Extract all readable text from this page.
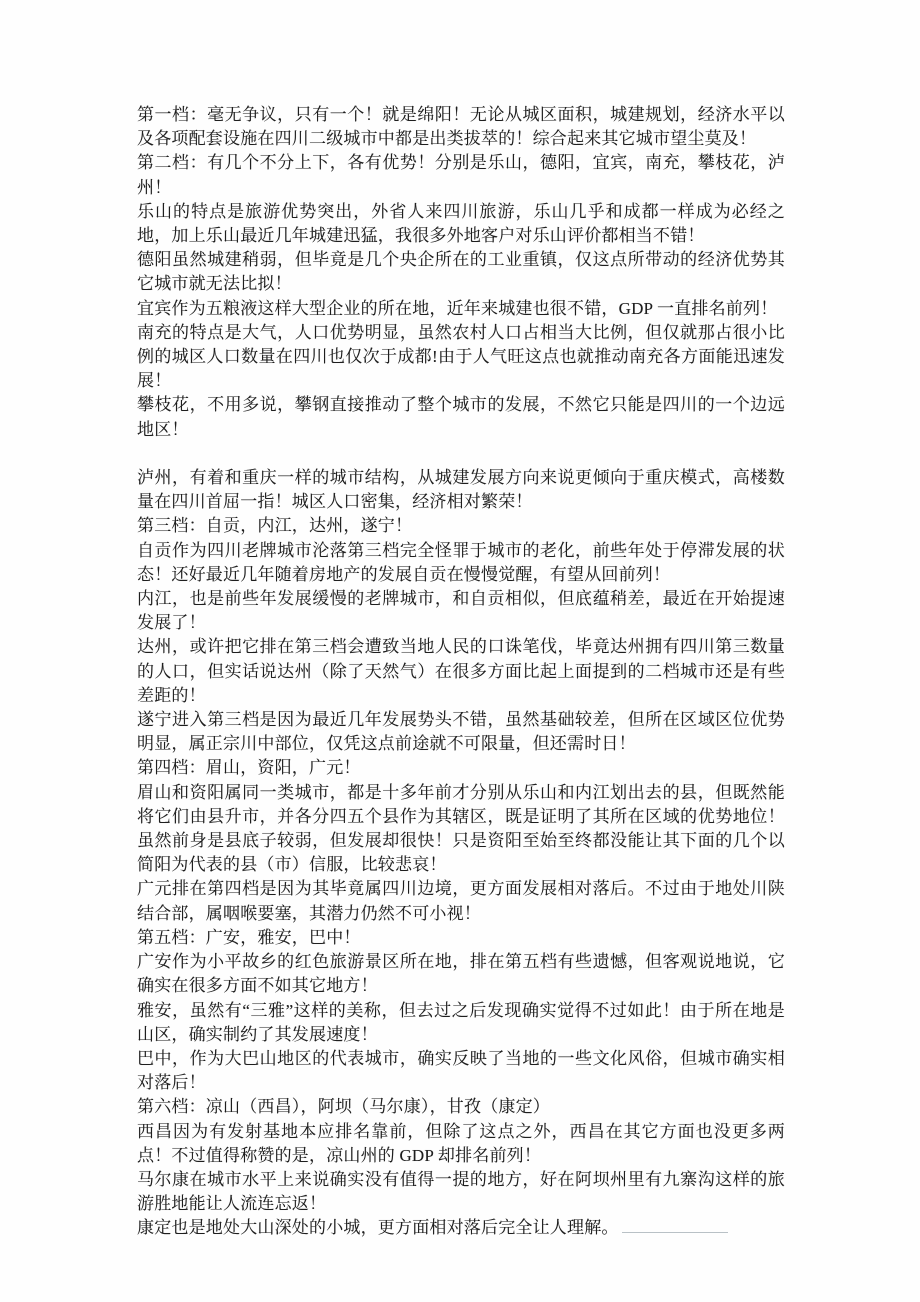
第一档：毫无争议，只有一个！就是绵阳！无论从城区面积，城建规划，经济水平以及各项配套设施在四川二级城市中都是出类拔萃的！综合起来其它城市望尘莫及！

第二档：有几个不分上下，各有优势！分别是乐山，德阳，宜宾，南充，攀枝花，泸州！

乐山的特点是旅游优势突出，外省人来四川旅游，乐山几乎和成都一样成为必经之地，加上乐山最近几年城建迅猛，我很多外地客户对乐山评价都相当不错！

德阳虽然城建稍弱，但毕竟是几个央企所在的工业重镇，仅这点所带动的经济优势其它城市就无法比拟！

宜宾作为五粮液这样大型企业的所在地，近年来城建也很不错，GDP 一直排名前列！

南充的特点是大气，人口优势明显，虽然农村人口占相当大比例，但仅就那占很小比例的城区人口数量在四川也仅次于成都!由于人气旺这点也就推动南充各方面能迅速发展！

攀枝花，不用多说，攀钢直接推动了整个城市的发展，不然它只能是四川的一个边远地区！

泸州，有着和重庆一样的城市结构，从城建发展方向来说更倾向于重庆模式，高楼数量在四川首屈一指！城区人口密集，经济相对繁荣！

第三档：自贡，内江，达州，遂宁！

自贡作为四川老牌城市沦落第三档完全怪罪于城市的老化，前些年处于停滞发展的状态！还好最近几年随着房地产的发展自贡在慢慢觉醒，有望从回前列！

内江，也是前些年发展缓慢的老牌城市，和自贡相似，但底蕴稍差，最近在开始提速发展了！

达州，或许把它排在第三档会遭致当地人民的口诛笔伐，毕竟达州拥有四川第三数量的人口，但实话说达州（除了天然气）在很多方面比起上面提到的二档城市还是有些差距的！

遂宁进入第三档是因为最近几年发展势头不错，虽然基础较差，但所在区域区位优势明显，属正宗川中部位，仅凭这点前途就不可限量，但还需时日！

第四档：眉山，资阳，广元！

眉山和资阳属同一类城市，都是十多年前才分别从乐山和内江划出去的县，但既然能将它们由县升市，并各分四五个县作为其辖区，既是证明了其所在区域的优势地位！虽然前身是县底子较弱，但发展却很快！只是资阳至始至终都没能让其下面的几个以简阳为代表的县（市）信服，比较悲哀！

广元排在第四档是因为其毕竟属四川边境，更方面发展相对落后。不过由于地处川陕结合部，属咽喉要塞，其潜力仍然不可小视！

第五档：广安，雅安，巴中！

广安作为小平故乡的红色旅游景区所在地，排在第五档有些遗憾，但客观说地说，它确实在很多方面不如其它地方！

雅安，虽然有“三雅”这样的美称，但去过之后发现确实觉得不过如此！由于所在地是山区，确实制约了其发展速度！

巴中，作为大巴山地区的代表城市，确实反映了当地的一些文化风俗，但城市确实相对落后！

第六档：凉山（西昌），阿坝（马尔康），甘孜（康定）

西昌因为有发射基地本应排名靠前，但除了这点之外，西昌在其它方面也没更多两点！不过值得称赞的是，凉山州的 GDP 却排名前列！

马尔康在城市水平上来说确实没有值得一提的地方，好在阿坝州里有九寨沟这样的旅游胜地能让人流连忘返！

康定也是地处大山深处的小城，更方面相对落后完全让人理解。
